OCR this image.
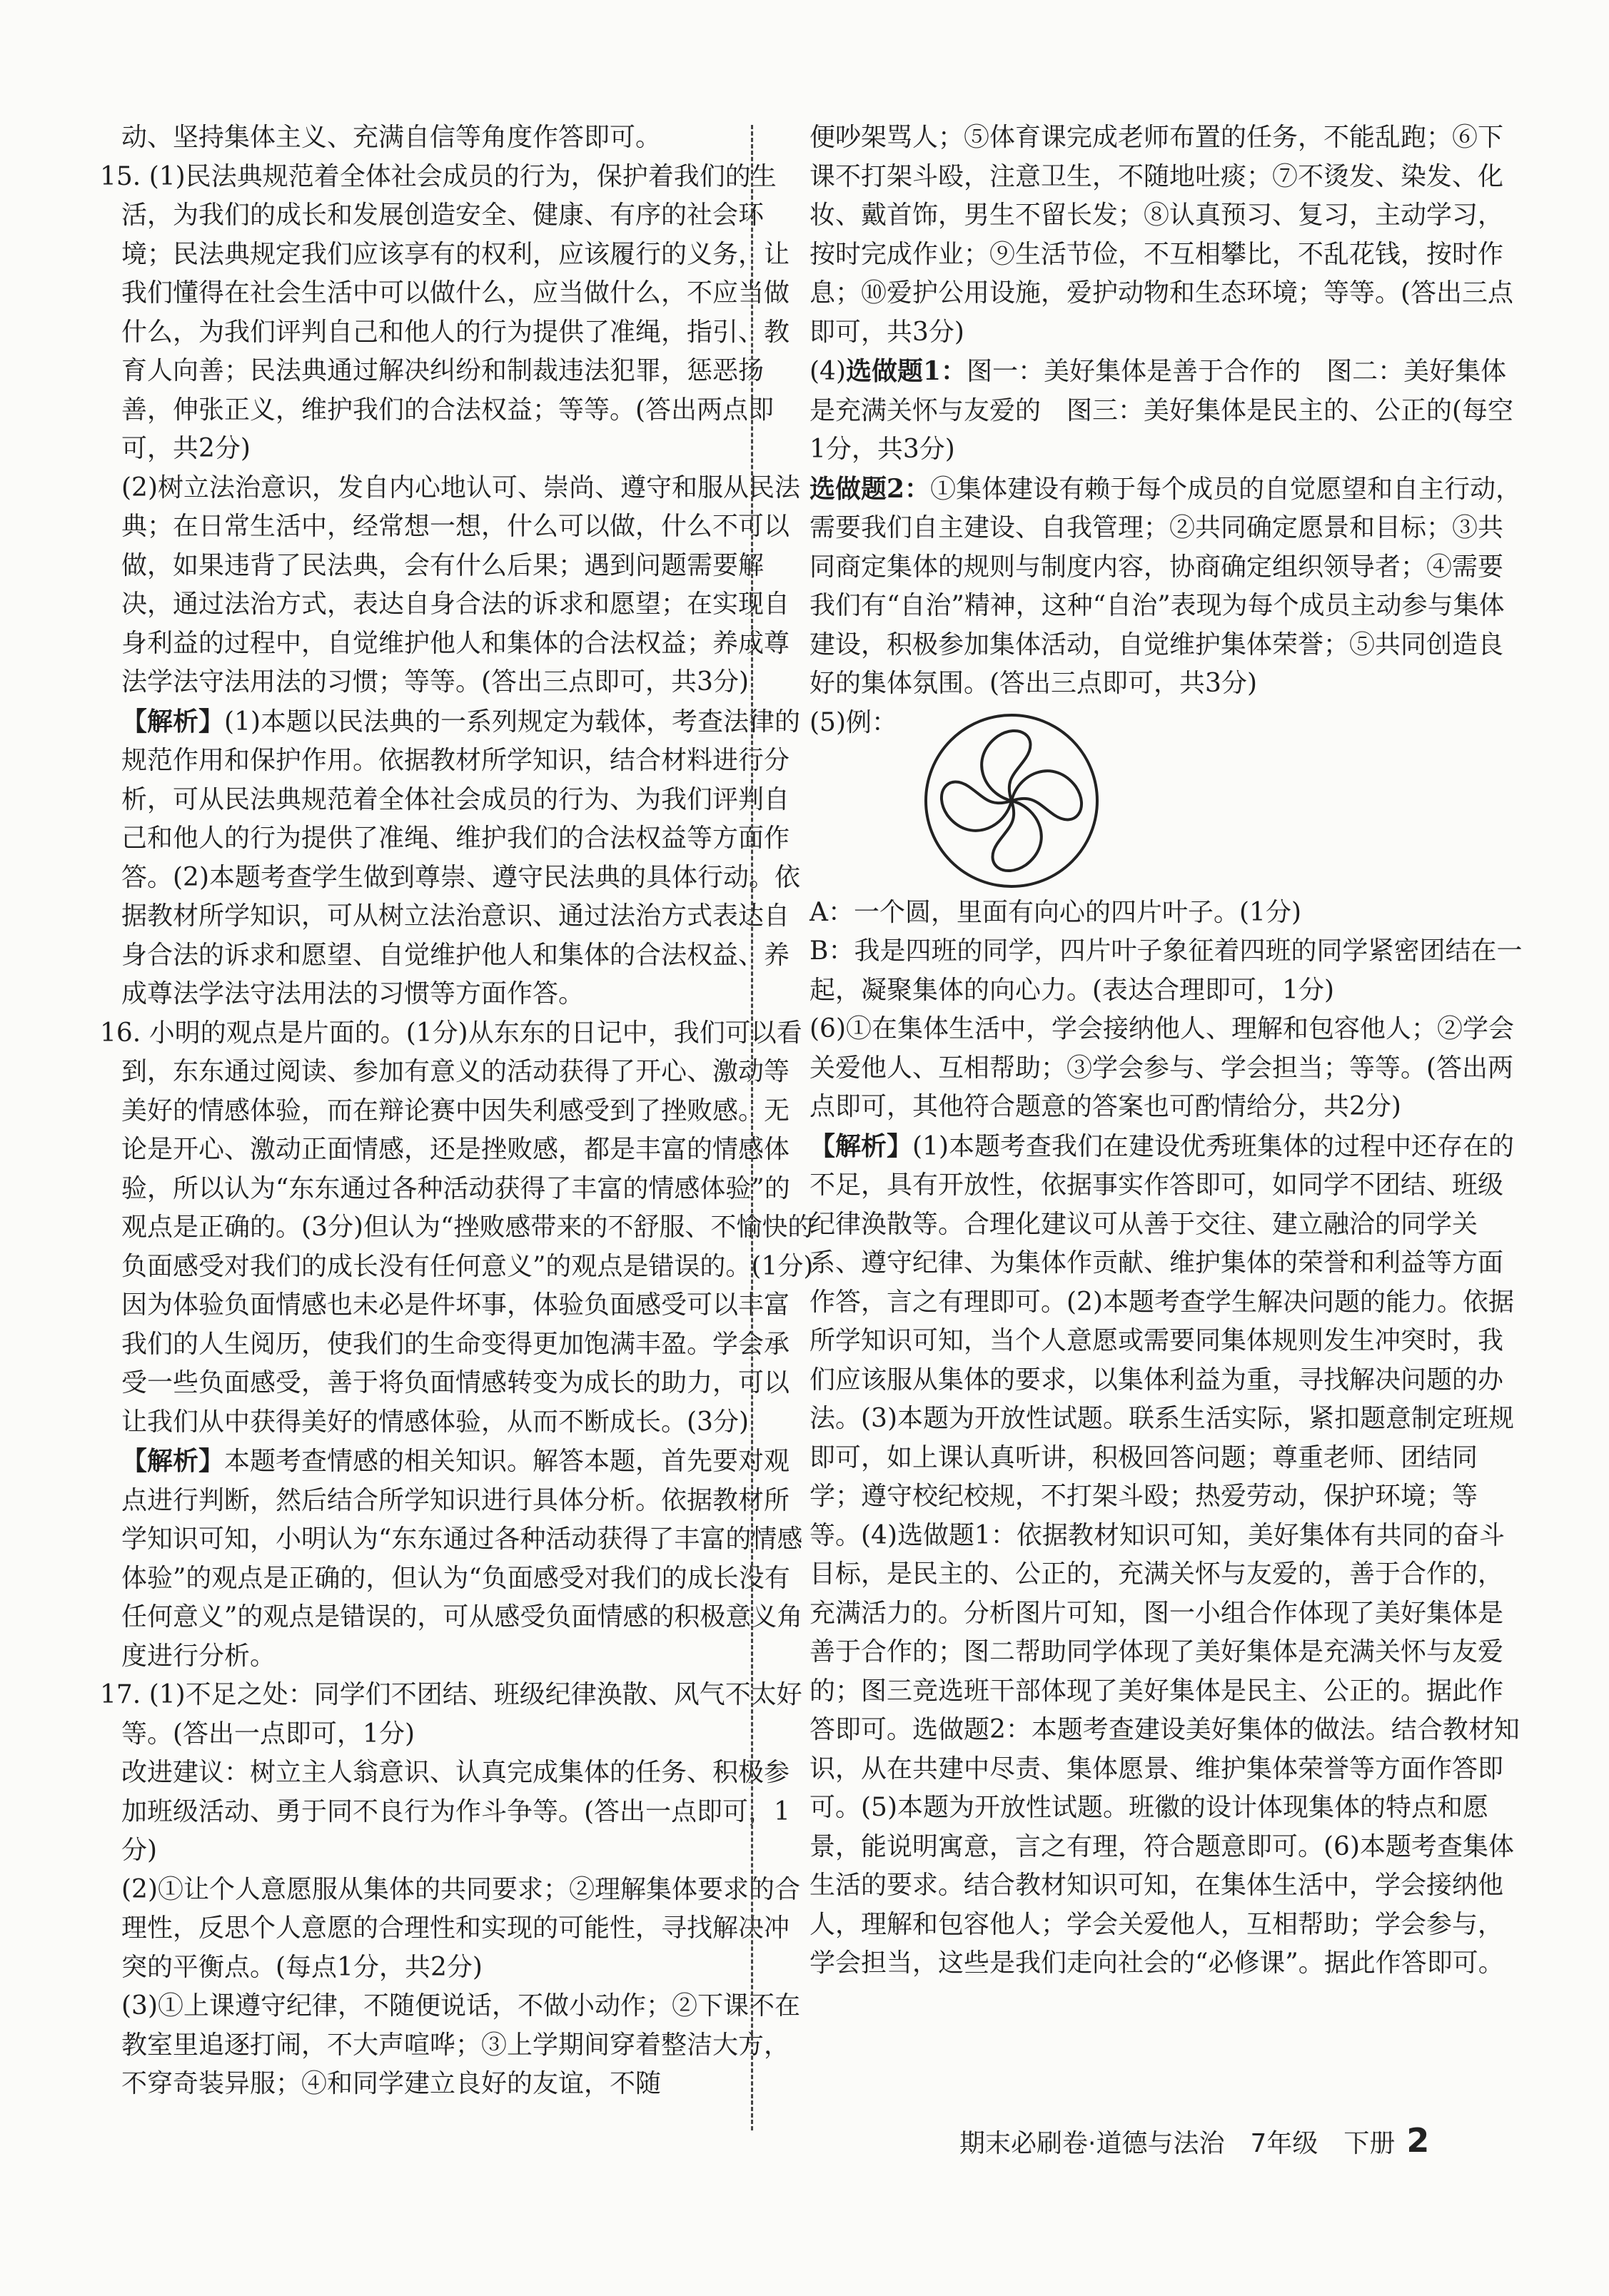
动、坚持集体主义、充满自信等角度作答即可。

15. (1)民法典规范着全体社会成员的行为，保护着我们的生活，为我们的成长和发展创造安全、健康、有序的社会环境；民法典规定我们应该享有的权利，应该履行的义务，让我们懂得在社会生活中可以做什么，应当做什么，不应当做什么，为我们评判自己和他人的行为提供了准绳，指引、教育人向善；民法典通过解决纠纷和制裁违法犯罪，惩恶扬善，伸张正义，维护我们的合法权益；等等。(答出两点即可，共2分)

(2)树立法治意识，发自内心地认可、崇尚、遵守和服从民法典；在日常生活中，经常想一想，什么可以做，什么不可以做，如果违背了民法典，会有什么后果；遇到问题需要解决，通过法治方式，表达自身合法的诉求和愿望；在实现自身利益的过程中，自觉维护他人和集体的合法权益；养成尊法学法守法用法的习惯；等等。(答出三点即可，共3分)

【解析】(1)本题以民法典的一系列规定为载体，考查法律的规范作用和保护作用。依据教材所学知识，结合材料进行分析，可从民法典规范着全体社会成员的行为、为我们评判自己和他人的行为提供了准绳、维护我们的合法权益等方面作答。(2)本题考查学生做到尊崇、遵守民法典的具体行动。依据教材所学知识，可从树立法治意识、通过法治方式表达自身合法的诉求和愿望、自觉维护他人和集体的合法权益、养成尊法学法守法用法的习惯等方面作答。

16. 小明的观点是片面的。(1分)从东东的日记中，我们可以看到，东东通过阅读、参加有意义的活动获得了开心、激动等美好的情感体验，而在辩论赛中因失利感受到了挫败感。无论是开心、激动正面情感，还是挫败感，都是丰富的情感体验，所以认为“东东通过各种活动获得了丰富的情感体验”的观点是正确的。(3分)但认为“挫败感带来的不舒服、不愉快的负面感受对我们的成长没有任何意义”的观点是错误的。(1分)因为体验负面情感也未必是件坏事，体验负面感受可以丰富我们的人生阅历，使我们的生命变得更加饱满丰盈。学会承受一些负面感受，善于将负面情感转变为成长的助力，可以让我们从中获得美好的情感体验，从而不断成长。(3分)

【解析】本题考查情感的相关知识。解答本题，首先要对观点进行判断，然后结合所学知识进行具体分析。依据教材所学知识可知，小明认为“东东通过各种活动获得了丰富的情感体验”的观点是正确的，但认为“负面感受对我们的成长没有任何意义”的观点是错误的，可从感受负面情感的积极意义角度进行分析。

17. (1)不足之处：同学们不团结、班级纪律涣散、风气不太好等。(答出一点即可，1分)

改进建议：树立主人翁意识、认真完成集体的任务、积极参加班级活动、勇于同不良行为作斗争等。(答出一点即可，1分)

(2)①让个人意愿服从集体的共同要求；②理解集体要求的合理性，反思个人意愿的合理性和实现的可能性，寻找解决冲突的平衡点。(每点1分，共2分)

(3)①上课遵守纪律，不随便说话，不做小动作；②下课不在教室里追逐打闹，不大声喧哗；③上学期间穿着整洁大方，不穿奇装异服；④和同学建立良好的友谊，不随

便吵架骂人；⑤体育课完成老师布置的任务，不能乱跑；⑥下课不打架斗殴，注意卫生，不随地吐痰；⑦不烫发、染发、化妆、戴首饰，男生不留长发；⑧认真预习、复习，主动学习，按时完成作业；⑨生活节俭，不互相攀比，不乱花钱，按时作息；⑩爱护公用设施，爱护动物和生态环境；等等。(答出三点即可，共3分)

(4)选做题1：图一：美好集体是善于合作的　图二：美好集体是充满关怀与友爱的　图三：美好集体是民主的、公正的(每空1分，共3分)

选做题2：①集体建设有赖于每个成员的自觉愿望和自主行动，需要我们自主建设、自我管理；②共同确定愿景和目标；③共同商定集体的规则与制度内容，协商确定组织领导者；④需要我们有“自治”精神，这种“自治”表现为每个成员主动参与集体建设，积极参加集体活动，自觉维护集体荣誉；⑤共同创造良好的集体氛围。(答出三点即可，共3分)

(5)例：

A：一个圆，里面有向心的四片叶子。(1分)

B：我是四班的同学，四片叶子象征着四班的同学紧密团结在一起，凝聚集体的向心力。(表达合理即可，1分)

(6)①在集体生活中，学会接纳他人、理解和包容他人；②学会关爱他人、互相帮助；③学会参与、学会担当；等等。(答出两点即可，其他符合题意的答案也可酌情给分，共2分)

【解析】(1)本题考查我们在建设优秀班集体的过程中还存在的不足，具有开放性，依据事实作答即可，如同学不团结、班级纪律涣散等。合理化建议可从善于交往、建立融洽的同学关系、遵守纪律、为集体作贡献、维护集体的荣誉和利益等方面作答，言之有理即可。(2)本题考查学生解决问题的能力。依据所学知识可知，当个人意愿或需要同集体规则发生冲突时，我们应该服从集体的要求，以集体利益为重，寻找解决问题的办法。(3)本题为开放性试题。联系生活实际，紧扣题意制定班规即可，如上课认真听讲，积极回答问题；尊重老师、团结同学；遵守校纪校规，不打架斗殴；热爱劳动，保护环境；等等。(4)选做题1：依据教材知识可知，美好集体有共同的奋斗目标，是民主的、公正的，充满关怀与友爱的，善于合作的，充满活力的。分析图片可知，图一小组合作体现了美好集体是善于合作的；图二帮助同学体现了美好集体是充满关怀与友爱的；图三竞选班干部体现了美好集体是民主、公正的。据此作答即可。选做题2：本题考查建设美好集体的做法。结合教材知识，从在共建中尽责、集体愿景、维护集体荣誉等方面作答即可。(5)本题为开放性试题。班徽的设计体现集体的特点和愿景，能说明寓意，言之有理，符合题意即可。(6)本题考查集体生活的要求。结合教材知识可知，在集体生活中，学会接纳他人，理解和包容他人；学会关爱他人，互相帮助；学会参与，学会担当，这些是我们走向社会的“必修课”。据此作答即可。

期末必刷卷·道德与法治　7年级　下册 2
